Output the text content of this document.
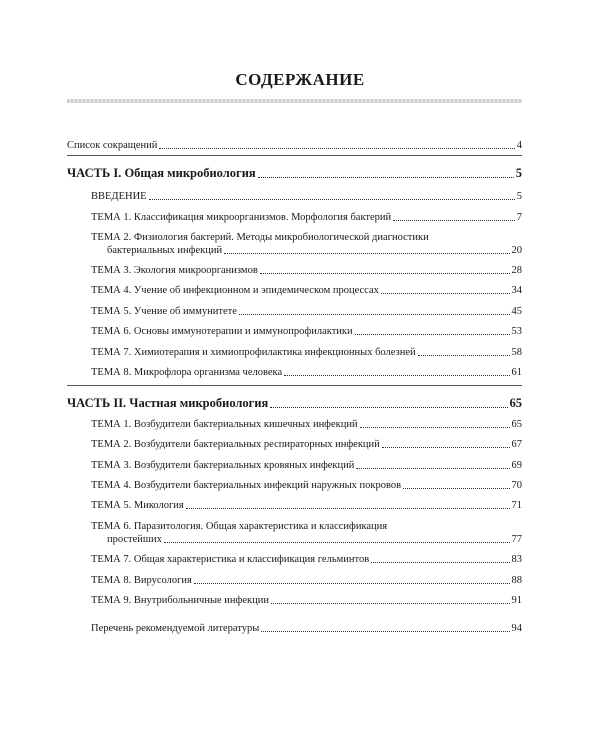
СОДЕРЖАНИЕ
Список сокращений	4
ЧАСТЬ I. Общая микробиология	5
ВВЕДЕНИЕ	5
ТЕМА 1. Классификация микроорганизмов. Морфология бактерий	7
ТЕМА 2. Физиология бактерий. Методы микробиологической диагностики
бактериальных инфекций	20
ТЕМА 3. Экология микроорганизмов	28
ТЕМА 4. Учение об инфекционном и эпидемическом процессах	34
ТЕМА 5. Учение об иммунитете	45
ТЕМА 6. Основы иммунотерапии и иммунопрофилактики	53
ТЕМА 7. Химиотерапия и химиопрофилактика инфекционных болезней	58
ТЕМА 8. Микрофлора организма человека	61
ЧАСТЬ II. Частная микробиология	65
ТЕМА 1. Возбудители бактериальных кишечных инфекций	65
ТЕМА 2. Возбудители бактериальных респираторных инфекций	67
ТЕМА 3. Возбудители бактериальных кровяных инфекций	69
ТЕМА 4. Возбудители бактериальных инфекций наружных покровов	70
ТЕМА 5. Микология	71
ТЕМА 6. Паразитология. Общая характеристика и классификация
простейших	77
ТЕМА 7. Общая характеристика и классификация гельминтов	83
ТЕМА 8. Вирусология	88
ТЕМА 9. Внутрибольничные инфекции	91
Перечень рекомендуемой литературы	94
